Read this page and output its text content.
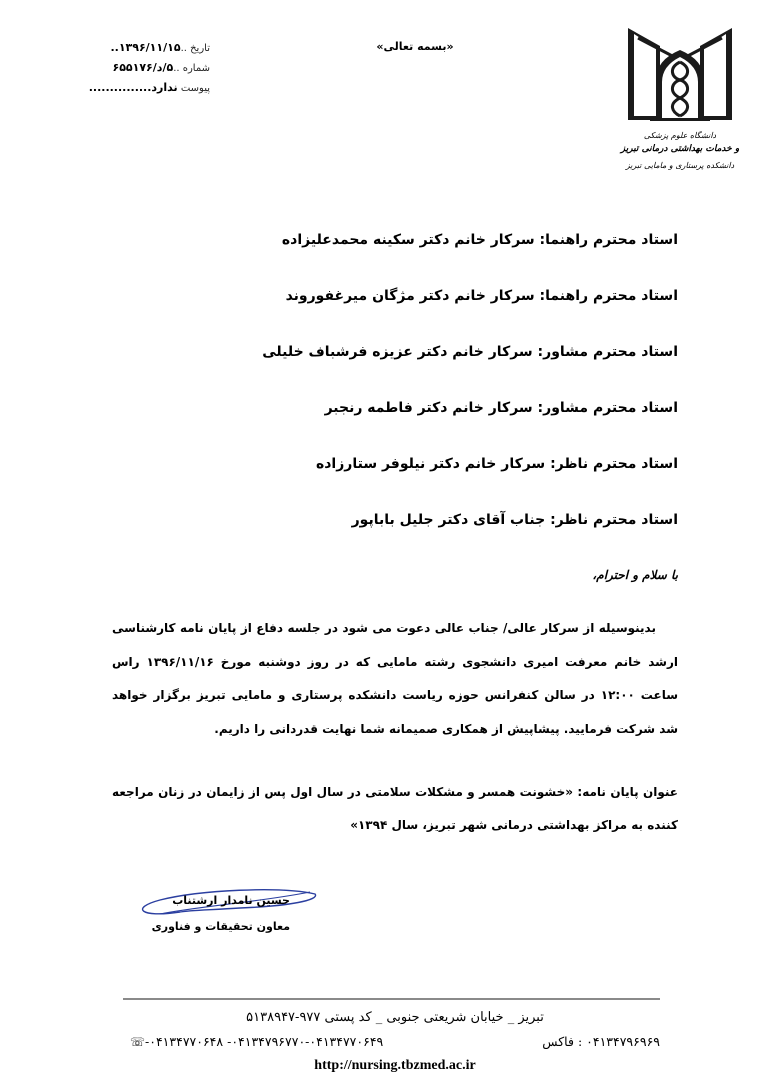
تاریخ ..۱۳۹۶/۱۱/۱۵..
شماره ..۵/د/۶۵۵۱۷۶
پیوست ندارد...............
«بسمه تعالی»
دانشگاه علوم پزشکی
و خدمات بهداشتی درمانی تبریز
دانشکده پرستاری و مامایی تبریز
استاد محترم راهنما: سرکار خانم دکتر سکینه محمدعلیزاده
استاد محترم راهنما: سرکار خانم دکتر مژگان میرغفوروند
استاد محترم مشاور: سرکار خانم دکتر عزیزه فرشباف خلیلی
استاد محترم مشاور: سرکار خانم دکتر فاطمه رنجبر
استاد محترم ناظر: سرکار خانم دکتر نیلوفر ستارزاده
استاد محترم ناظر: جناب آقای دکتر جلیل باباپور
با سلام و احترام،

بدینوسیله از سرکار عالی/ جناب عالی دعوت می شود در جلسه دفاع از پایان نامه کارشناسی ارشد خانم معرفت امیری دانشجوی رشته مامایی که در روز دوشنبه مورخ ۱۳۹۶/۱۱/۱۶ راس ساعت ۱۲:۰۰ در سالن کنفرانس حوزه ریاست دانشکده پرستاری و مامایی تبریز برگزار خواهد شد شرکت فرمایید. پیشاپیش از همکاری صمیمانه شما نهایت قدردانی را داریم.

عنوان پایان نامه: «خشونت همسر و مشکلات سلامتی در سال اول پس از زایمان در زنان مراجعه کننده به مراکز بهداشتی درمانی شهر تبریز، سال ۱۳۹۴»
حسین نامدار ارشتناب
معاون تحقیقات و فناوری
تبریز _ خیابان شریعتی جنوبی _ کد پستی ۹۷۷-۵۱۳۸۹۴۷
۰۴۱۳۴۷۹۶۹۶۹ : فاکس
۰۴۱۳۴۷۹۶۷۷۰-۰۴۱۳۴۷۷۰۶۴۹- ۰۴۱۳۴۷۷۰۶۴۸-☏
http://nursing.tbzmed.ac.ir
